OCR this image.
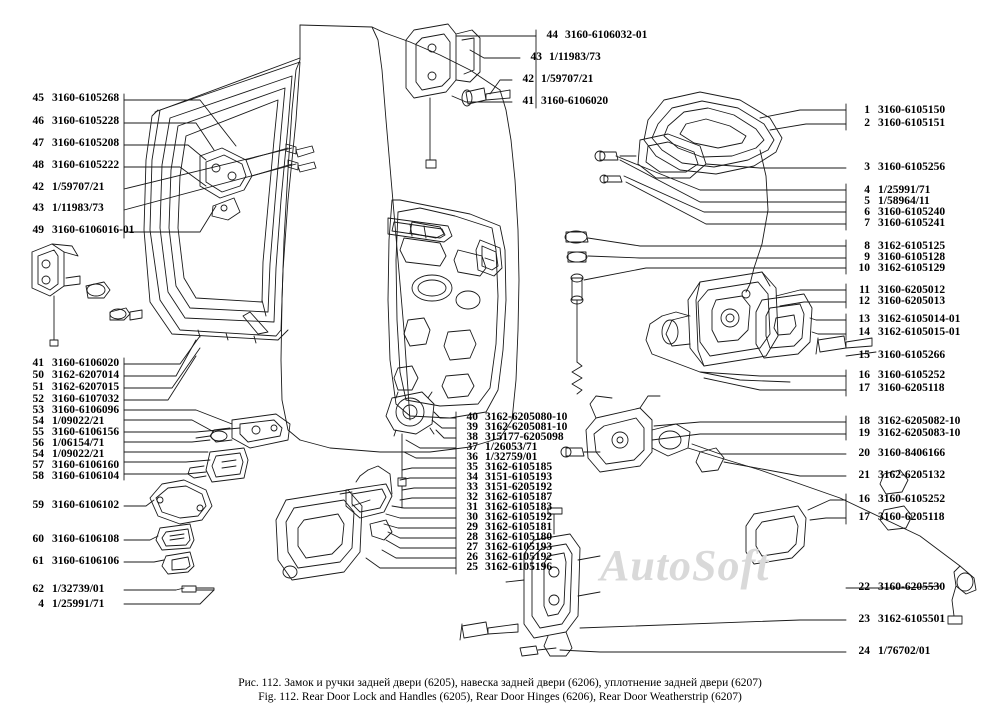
AutoSoft
44 3160-6106032-01
43 1/11983/73
42 1/59707/21
41 3160-6106020
45 3160-6105268
46 3160-6105228
47 3160-6105208
48 3160-6105222
42 1/59707/21
43 1/11983/73
49 3160-6106016-01
41 3160-6106020
50 3162-6207014
51 3162-6207015
52 3160-6107032
53 3160-6106096
54 1/09022/21
55 3160-6106156
56 1/06154/71
54 1/09022/21
57 3160-6106160
58 3160-6106104
59 3160-6106102
60 3160-6106108
61 3160-6106106
62 1/32739/01
4 1/25991/71
40 3162-6205080-10
39 3162-6205081-10
38 315177-6205098
37 1/26053/71
36 1/32759/01
35 3162-6105185
34 3151-6105193
33 3151-6205192
32 3162-6105187
31 3162-6105183
30 3162-6105192
29 3162-6105181
28 3162-6105180
27 3162-6105193
26 3162-6105192
25 3162-6105196
1 3160-6105150
2 3160-6105151
3 3160-6105256
4 1/25991/71
5 1/58964/11
6 3160-6105240
7 3160-6105241
8 3162-6105125
9 3160-6105128
10 3162-6105129
11 3160-6205012
12 3160-6205013
13 3162-6105014-01
14 3162-6105015-01
15 3160-6105266
16 3160-6105252
17 3160-6205118
18 3162-6205082-10
19 3162-6205083-10
20 3160-8406166
21 3162-6205132
16 3160-6105252
17 3160-6205118
22 3160-6205530
23 3162-6105501
24 1/76702/01
Рис. 112. Замок и ручки задней двери (6205), навеска задней двери (6206), уплотнение задней двери (6207)
Fig. 112. Rear Door Lock and Handles (6205), Rear Door Hinges (6206), Rear Door Weatherstrip (6207)
